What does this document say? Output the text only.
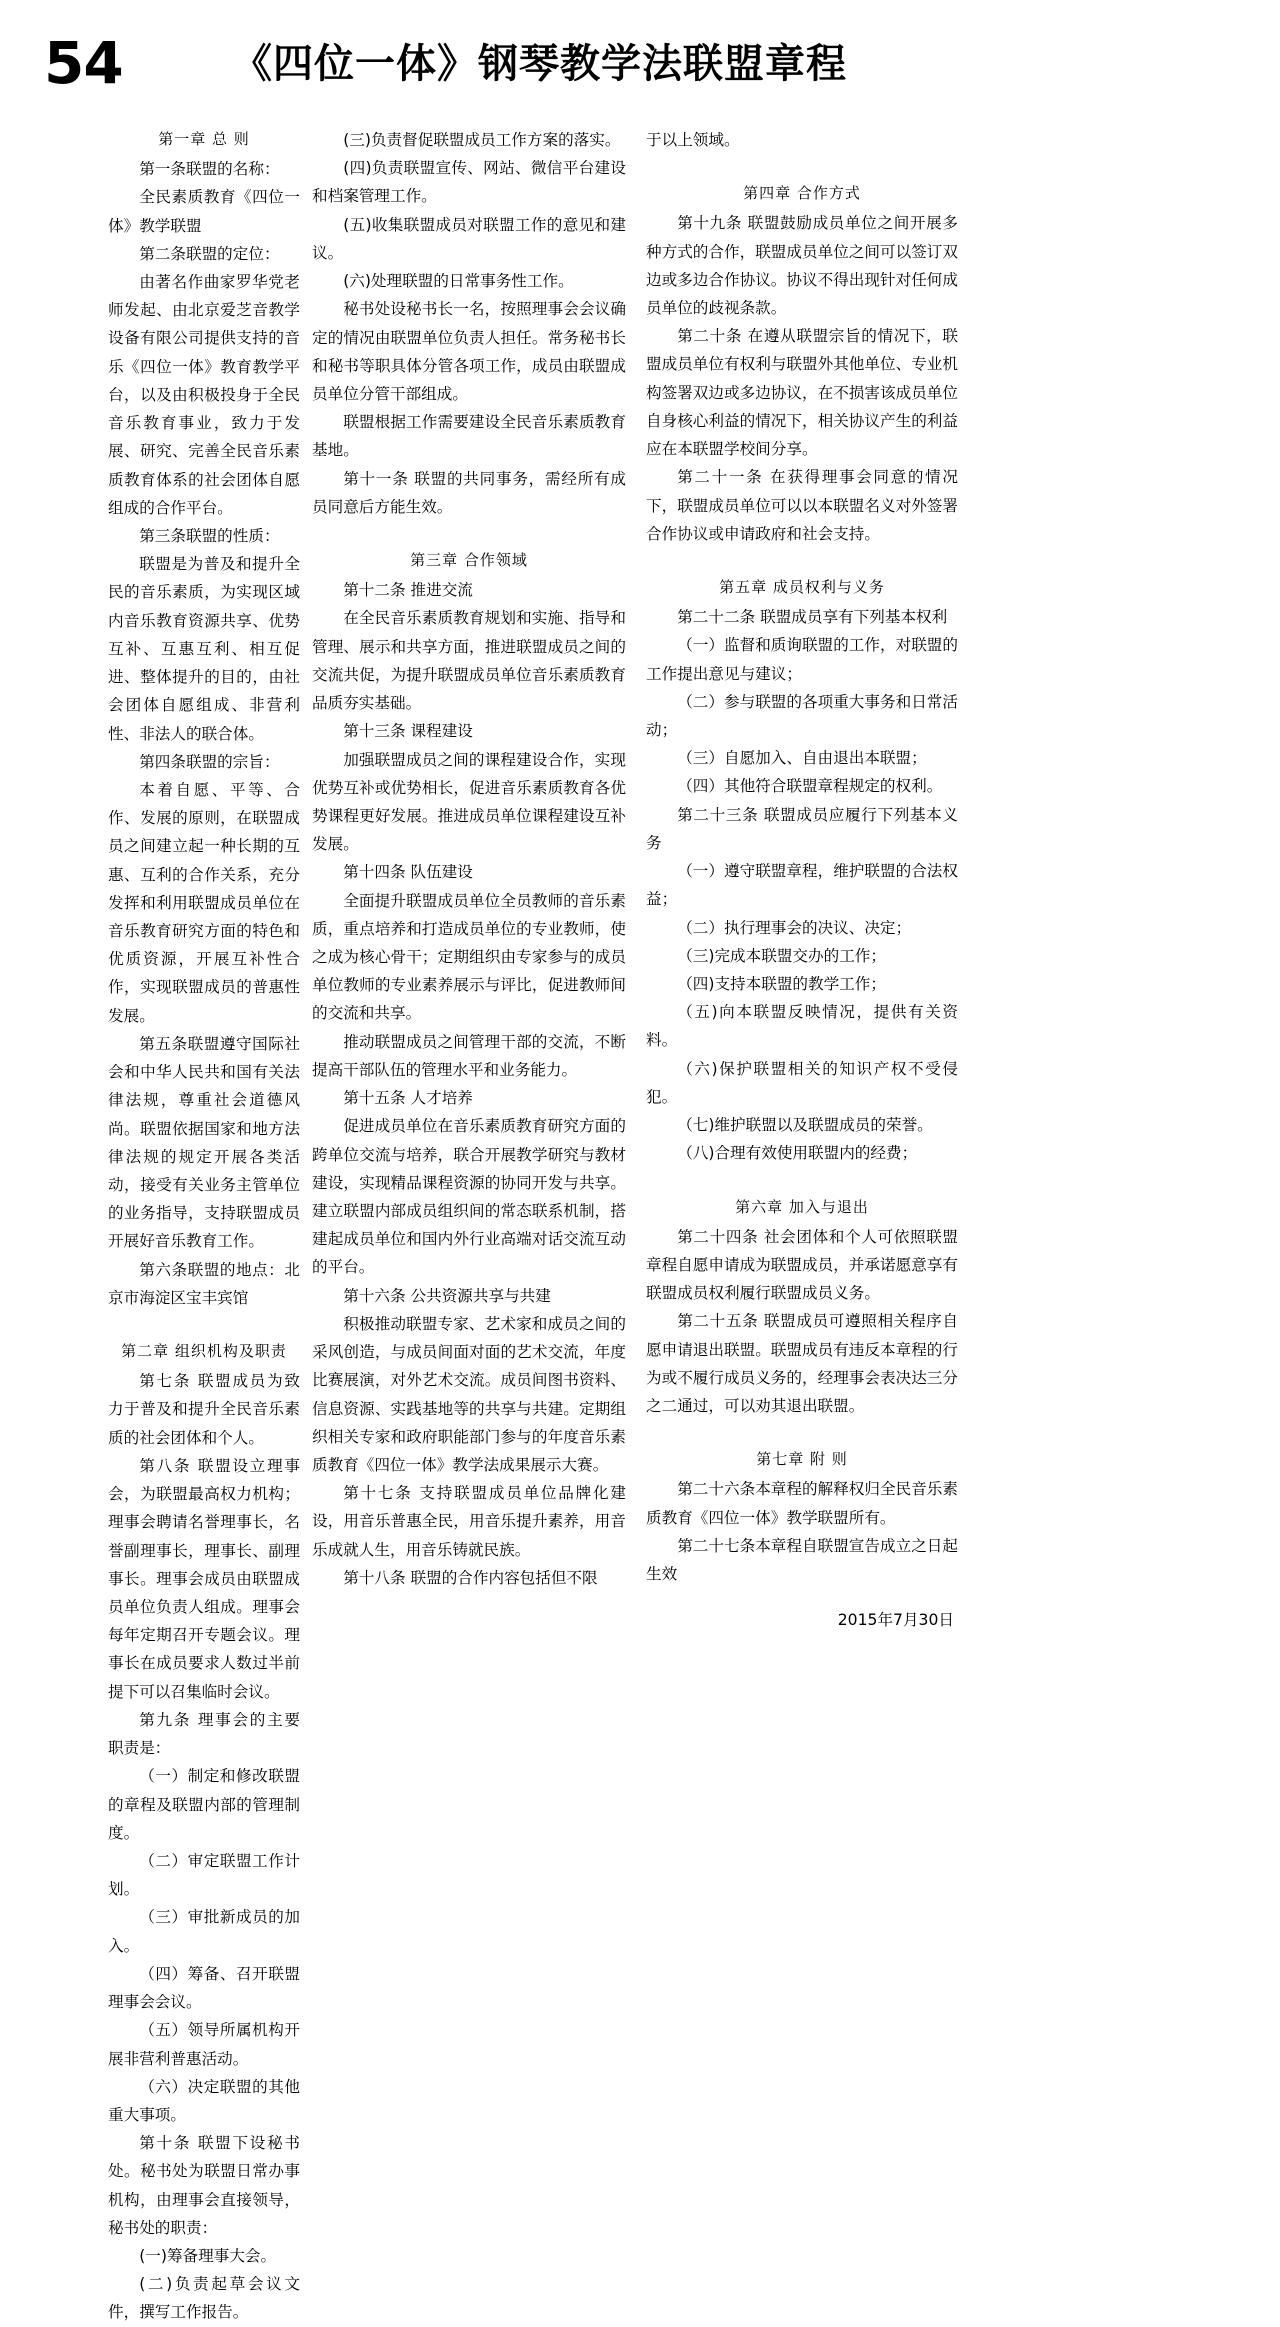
54	《四位一体》钢琴教学法联盟章程

第一章 总 则

第一条联盟的名称：

全民素质教育《四位一体》教学联盟

第二条联盟的定位：

由著名作曲家罗华党老师发起、由北京爱芝音教学设备有限公司提供支持的音乐《四位一体》教育教学平台，以及由积极投身于全民音乐教育事业，致力于发展、研究、完善全民音乐素质教育体系的社会团体自愿组成的合作平台。

第三条联盟的性质：

联盟是为普及和提升全民的音乐素质，为实现区域内音乐教育资源共享、优势互补、互惠互利、相互促进、整体提升的目的，由社会团体自愿组成、非营利性、非法人的联合体。

第四条联盟的宗旨：

本着自愿、平等、合作、发展的原则，在联盟成员之间建立起一种长期的互惠、互利的合作关系，充分发挥和利用联盟成员单位在音乐教育研究方面的特色和优质资源，开展互补性合作，实现联盟成员的普惠性发展。

第五条联盟遵守国际社会和中华人民共和国有关法律法规，尊重社会道德风尚。联盟依据国家和地方法律法规的规定开展各类活动，接受有关业务主管单位的业务指导，支持联盟成员开展好音乐教育工作。

第六条联盟的地点：北京市海淀区宝丰宾馆

第二章 组织机构及职责

第七条 联盟成员为致力于普及和提升全民音乐素质的社会团体和个人。

第八条 联盟设立理事会，为联盟最高权力机构；理事会聘请名誉理事长，名誉副理事长，理事长、副理事长。理事会成员由联盟成员单位负责人组成。理事会每年定期召开专题会议。理事长在成员要求人数过半前提下可以召集临时会议。

第九条 理事会的主要职责是：

（一）制定和修改联盟的章程及联盟内部的管理制度。

（二）审定联盟工作计划。

（三）审批新成员的加入。

（四）筹备、召开联盟理事会会议。

（五）领导所属机构开展非营利普惠活动。

（六）决定联盟的其他重大事项。

第十条 联盟下设秘书处。秘书处为联盟日常办事机构，由理事会直接领导，秘书处的职责：

(一)筹备理事大会。

(二)负责起草会议文件，撰写工作报告。

(三)负责督促联盟成员工作方案的落实。

(四)负责联盟宣传、网站、微信平台建设和档案管理工作。

(五)收集联盟成员对联盟工作的意见和建议。

(六)处理联盟的日常事务性工作。

秘书处设秘书长一名，按照理事会会议确定的情况由联盟单位负责人担任。常务秘书长和秘书等职具体分管各项工作，成员由联盟成员单位分管干部组成。

联盟根据工作需要建设全民音乐素质教育基地。

第十一条 联盟的共同事务，需经所有成员同意后方能生效。

第三章 合作领域

第十二条 推进交流

在全民音乐素质教育规划和实施、指导和管理、展示和共享方面，推进联盟成员之间的交流共促，为提升联盟成员单位音乐素质教育品质夯实基础。

第十三条 课程建设

加强联盟成员之间的课程建设合作，实现优势互补或优势相长，促进音乐素质教育各优势课程更好发展。推进成员单位课程建设互补发展。

第十四条 队伍建设

全面提升联盟成员单位全员教师的音乐素质，重点培养和打造成员单位的专业教师，使之成为核心骨干；定期组织由专家参与的成员单位教师的专业素养展示与评比，促进教师间的交流和共享。

推动联盟成员之间管理干部的交流，不断提高干部队伍的管理水平和业务能力。

第十五条 人才培养

促进成员单位在音乐素质教育研究方面的跨单位交流与培养，联合开展教学研究与教材建设，实现精品课程资源的协同开发与共享。建立联盟内部成员组织间的常态联系机制，搭建起成员单位和国内外行业高端对话交流互动的平台。

第十六条 公共资源共享与共建

积极推动联盟专家、艺术家和成员之间的采风创造，与成员间面对面的艺术交流，年度比赛展演，对外艺术交流。成员间图书资料、信息资源、实践基地等的共享与共建。定期组织相关专家和政府职能部门参与的年度音乐素质教育《四位一体》教学法成果展示大赛。

第十七条 支持联盟成员单位品牌化建设，用音乐普惠全民，用音乐提升素养，用音乐成就人生，用音乐铸就民族。

第十八条 联盟的合作内容包括但不限

于以上领域。

第四章 合作方式

第十九条 联盟鼓励成员单位之间开展多种方式的合作，联盟成员单位之间可以签订双边或多边合作协议。协议不得出现针对任何成员单位的歧视条款。

第二十条 在遵从联盟宗旨的情况下，联盟成员单位有权利与联盟外其他单位、专业机构签署双边或多边协议，在不损害该成员单位自身核心利益的情况下，相关协议产生的利益应在本联盟学校间分享。

第二十一条 在获得理事会同意的情况下，联盟成员单位可以以本联盟名义对外签署合作协议或申请政府和社会支持。

第五章 成员权利与义务

第二十二条 联盟成员享有下列基本权利

（一）监督和质询联盟的工作，对联盟的工作提出意见与建议；

（二）参与联盟的各项重大事务和日常活动；

（三）自愿加入、自由退出本联盟；

（四）其他符合联盟章程规定的权利。

第二十三条 联盟成员应履行下列基本义务

（一）遵守联盟章程，维护联盟的合法权益；

（二）执行理事会的决议、决定；

（三)完成本联盟交办的工作；

（四)支持本联盟的教学工作；

（五)向本联盟反映情况，提供有关资料。

（六)保护联盟相关的知识产权不受侵犯。

（七)维护联盟以及联盟成员的荣誉。

（八)合理有效使用联盟内的经费；

第六章 加入与退出

第二十四条 社会团体和个人可依照联盟章程自愿申请成为联盟成员，并承诺愿意享有联盟成员权利履行联盟成员义务。

第二十五条 联盟成员可遵照相关程序自愿申请退出联盟。联盟成员有违反本章程的行为或不履行成员义务的，经理事会表决达三分之二通过，可以劝其退出联盟。

第七章 附 则

第二十六条本章程的解释权归全民音乐素质教育《四位一体》教学联盟所有。

第二十七条本章程自联盟宣告成立之日起生效

2015年7月30日
